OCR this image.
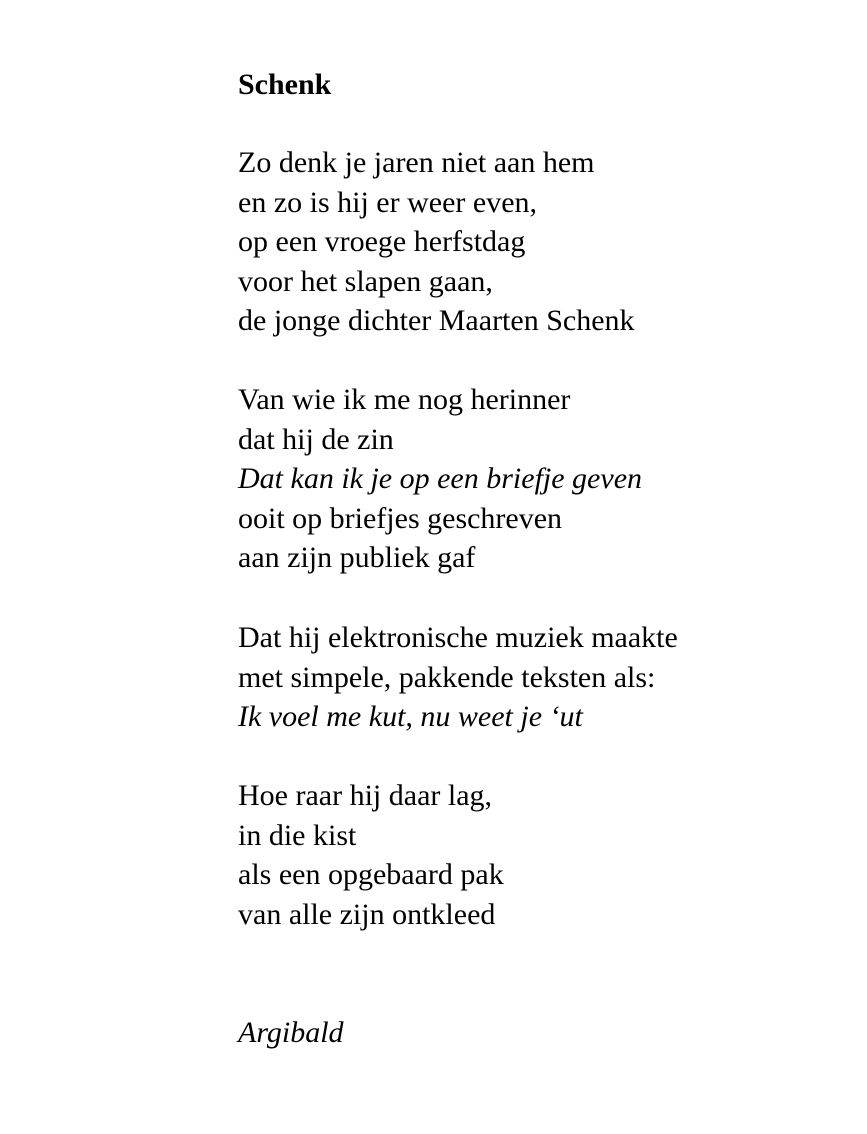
Schenk

Zo denk je jaren niet aan hem
en zo is hij er weer even,
op een vroege herfstdag
voor het slapen gaan,
de jonge dichter Maarten Schenk

Van wie ik me nog herinner
dat hij de zin
Dat kan ik je op een briefje geven
ooit op briefjes geschreven
aan zijn publiek gaf

Dat hij elektronische muziek maakte
met simpele, pakkende teksten als:
Ik voel me kut, nu weet je ‘ut

Hoe raar hij daar lag,
in die kist
als een opgebaard pak
van alle zijn ontkleed

Argibald
